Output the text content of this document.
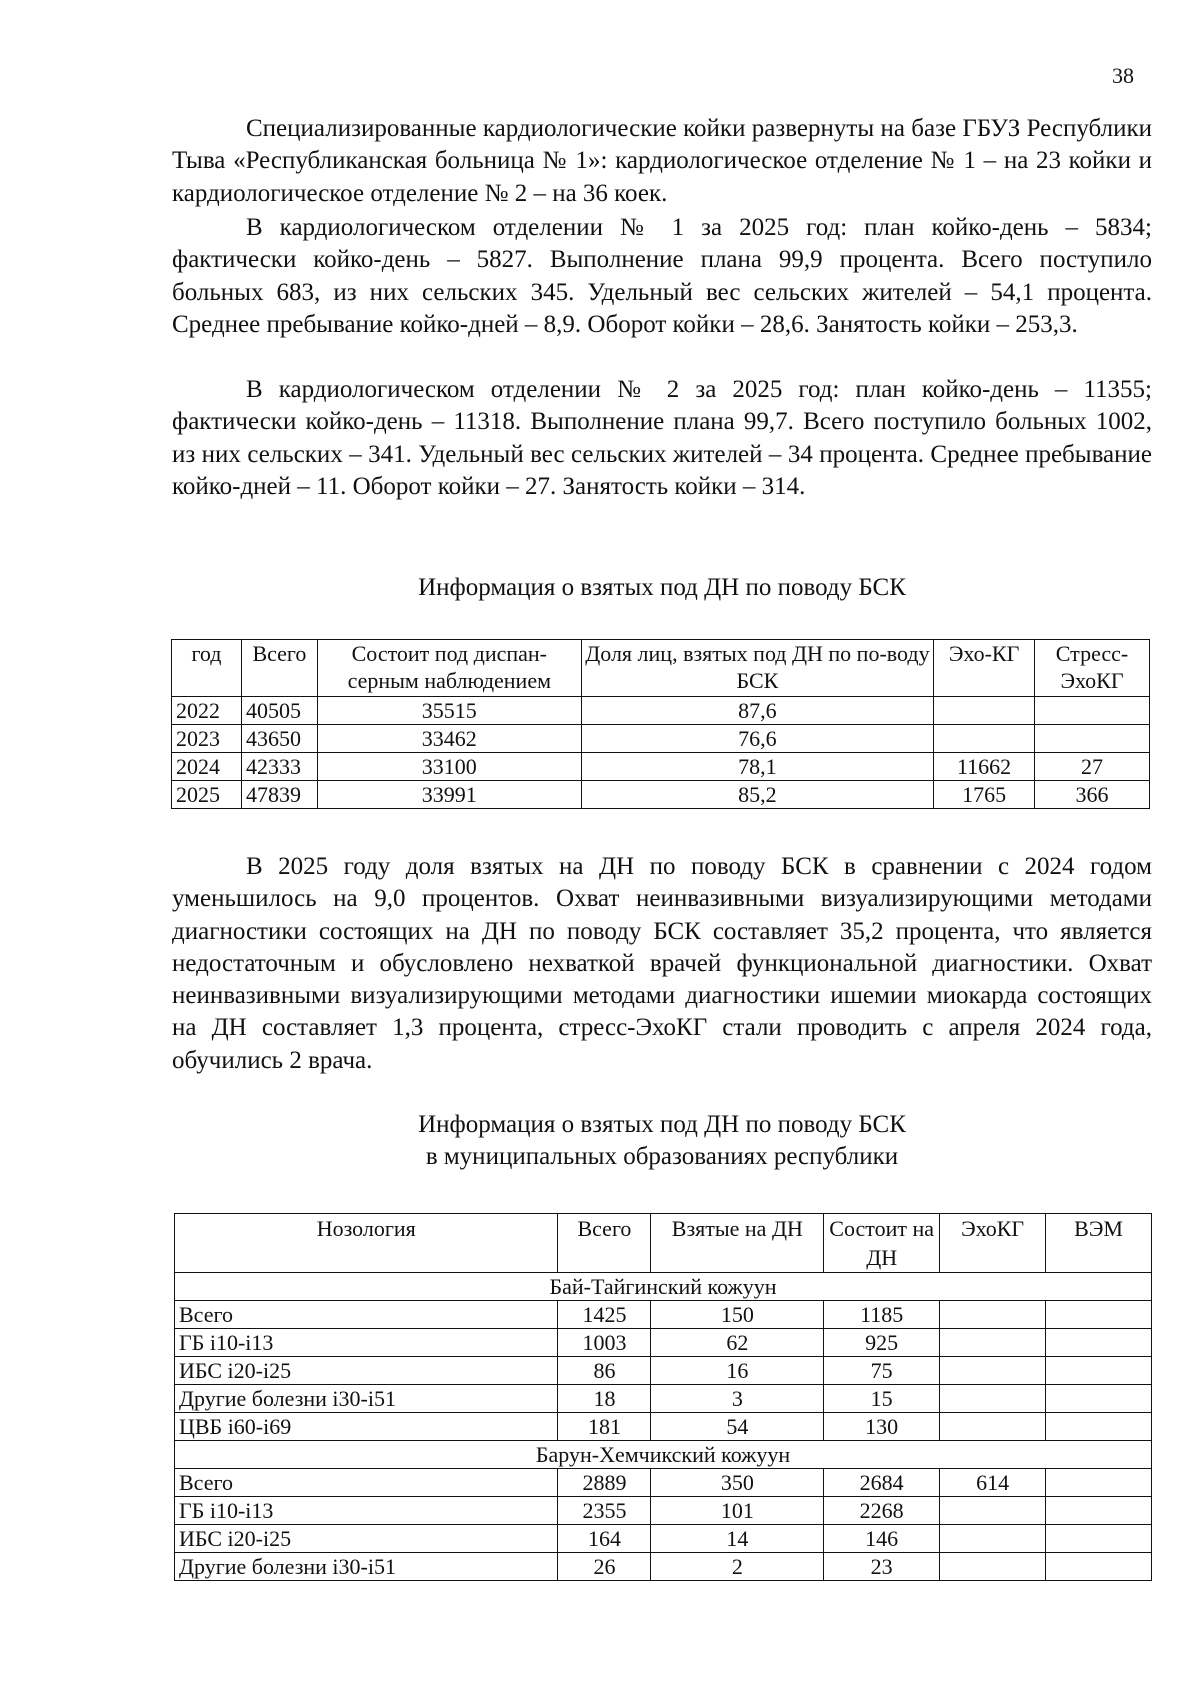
38

Специализированные кардиологические койки развернуты на базе ГБУЗ Республики Тыва «Республиканская больница № 1»: кардиологическое отделение № 1 – на 23 койки и кардиологическое отделение № 2 – на 36 коек.

В кардиологическом отделении № 1 за 2025 год: план койко-день – 5834; фактически койко-день – 5827. Выполнение плана 99,9 процента. Всего поступило больных 683, из них сельских 345. Удельный вес сельских жителей – 54,1 процента. Среднее пребывание койко-дней – 8,9. Оборот койки – 28,6. Занятость койки – 253,3.

В кардиологическом отделении № 2 за 2025 год: план койко-день – 11355; фактически койко-день – 11318. Выполнение плана 99,7. Всего поступило больных 1002, из них сельских – 341. Удельный вес сельских жителей – 34 процента. Среднее пребывание койко-дней – 11. Оборот койки – 27. Занятость койки – 314.

Информация о взятых под ДН по поводу БСК
год	Всего	Состоит под диспан-серным наблюдением	Доля лиц, взятых под ДН по по-воду БСК	Эхо-КГ	Стресс-ЭхоКГ
2022	40505	35515	87,6		
2023	43650	33462	76,6		
2024	42333	33100	78,1	11662	27
2025	47839	33991	85,2	1765	366

В 2025 году доля взятых на ДН по поводу БСК в сравнении с 2024 годом уменьшилось на 9,0 процентов. Охват неинвазивными визуализирующими методами диагностики состоящих на ДН по поводу БСК составляет 35,2 процента, что является недостаточным и обусловлено нехваткой врачей функциональной диагностики. Охват неинвазивными визуализирующими методами диагностики ишемии миокарда состоящих на ДН составляет 1,3 процента, стресс-ЭхоКГ стали проводить с апреля 2024 года, обучились 2 врача.

Информация о взятых под ДН по поводу БСК
в муниципальных образованиях республики
Нозология	Всего	Взятые на ДН	Состоит на ДН	ЭхоКГ	ВЭМ
Бай-Тайгинский кожуун					
Всего	1425	150	1185		
ГБ i10-i13	1003	62	925		
ИБС i20-i25	86	16	75		
Другие болезни i30-i51	18	3	15		
ЦВБ i60-i69	181	54	130		
Барун-Хемчикский кожуун					
Всего	2889	350	2684	614	
ГБ i10-i13	2355	101	2268		
ИБС i20-i25	164	14	146		
Другие болезни i30-i51	26	2	23		
